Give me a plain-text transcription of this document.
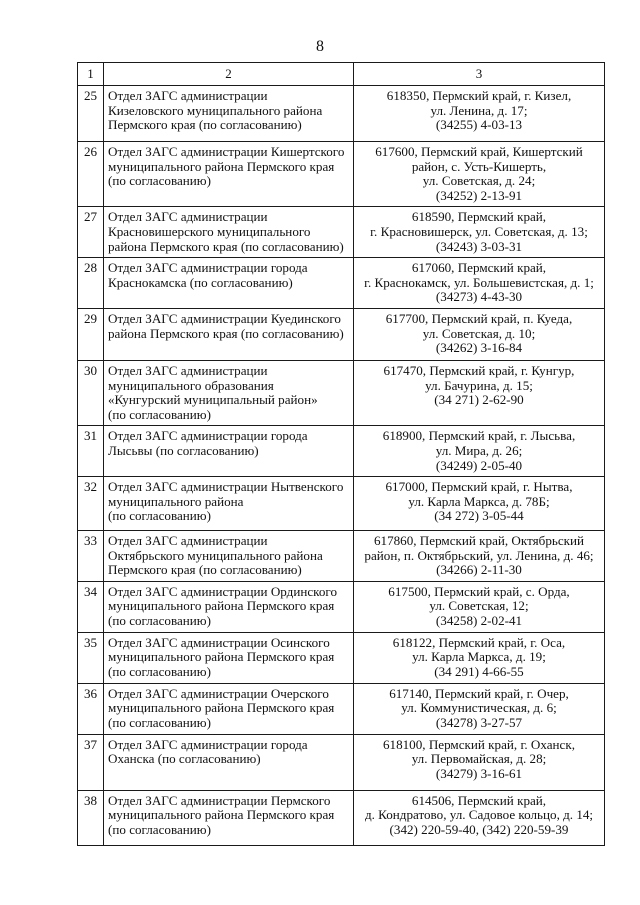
8
1	2	3
25	Отдел ЗАГС администрации
Кизеловского муниципального района
Пермского края (по согласованию)	618350, Пермский край, г. Кизел,
ул. Ленина, д. 17;
(34255) 4-03-13

26	Отдел ЗАГС администрации Кишертского
муниципального района Пермского края
(по согласованию)	617600, Пермский край, Кишертский
район, с. Усть-Кишерть,
ул. Советская, д. 24;
(34252) 2-13-91

27	Отдел ЗАГС администрации
Красновишерского муниципального
района Пермского края (по согласованию)	618590, Пермский край,
г. Красновишерск, ул. Советская, д. 13;
(34243) 3-03-31

28	Отдел ЗАГС администрации города
Краснокамска (по согласованию)	617060, Пермский край,
г. Краснокамск, ул. Большевистская, д. 1;
(34273) 4-43-30

29	Отдел ЗАГС администрации Куединского
района Пермского края (по согласованию)	617700, Пермский край, п. Куеда,
ул. Советская, д. 10;
(34262) 3-16-84

30	Отдел ЗАГС администрации
муниципального образования
«Кунгурский муниципальный район»
(по согласованию)	617470, Пермский край, г. Кунгур,
ул. Бачурина, д. 15;
(34 271) 2-62-90

31	Отдел ЗАГС администрации города
Лысьвы (по согласованию)	618900, Пермский край, г. Лысьва,
ул. Мира, д. 26;
(34249) 2-05-40

32	Отдел ЗАГС администрации Нытвенского
муниципального района
(по согласованию)	617000, Пермский край, г. Нытва,
ул. Карла Маркса, д. 78Б;
(34 272) 3-05-44

33	Отдел ЗАГС администрации
Октябрьского муниципального района
Пермского края (по согласованию)	617860, Пермский край, Октябрьский
район, п. Октябрьский, ул. Ленина, д. 46;
(34266) 2-11-30

34	Отдел ЗАГС администрации Ординского
муниципального района Пермского края
(по согласованию)	617500, Пермский край, с. Орда,
ул. Советская, 12;
(34258) 2-02-41

35	Отдел ЗАГС администрации Осинского
муниципального района Пермского края
(по согласованию)	618122, Пермский край, г. Оса,
ул. Карла Маркса, д. 19;
(34 291) 4-66-55

36	Отдел ЗАГС администрации Очерского
муниципального района Пермского края
(по согласованию)	617140, Пермский край, г. Очер,
ул. Коммунистическая, д. 6;
(34278) 3-27-57

37	Отдел ЗАГС администрации города
Оханска (по согласованию)	618100, Пермский край, г. Оханск,
ул. Первомайская, д. 28;
(34279) 3-16-61

38	Отдел ЗАГС администрации Пермского
муниципального района Пермского края
(по согласованию)	614506, Пермский край,
д. Кондратово, ул. Садовое кольцо, д. 14;
(342) 220-59-40, (342) 220-59-39
